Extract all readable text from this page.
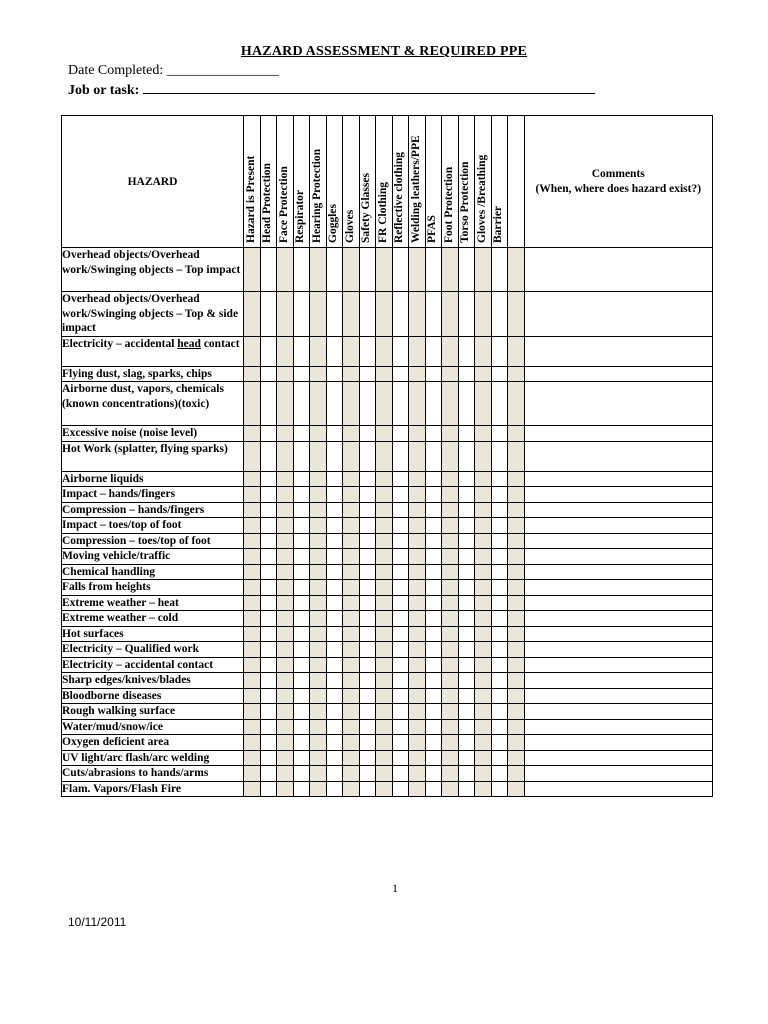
HAZARD ASSESSMENT & REQUIRED PPE
Date Completed: ________________
Job or task:
HAZARD	Hazard is Present	Head Protection	Face Protection	Respirator	Hearing Protection	Goggles	Gloves	Safety Glasses	FR Clothing	Reflective clothing	Welding leathers/PPE	PFAS	Foot Protection	Torso Protection	Gloves /Breathing	Barrier		Comments
(When, where does hazard exist?)

Overhead objects/Overhead work/Swinging objects – Top impact																		
Overhead objects/Overhead work/Swinging objects – Top & side impact																		
Electricity – accidental head contact																		
Flying dust, slag, sparks, chips																		
Airborne dust, vapors, chemicals (known concentrations)(toxic)																		
Excessive noise (noise level)																		
Hot Work (splatter, flying sparks)																		
Airborne liquids																		
Impact – hands/fingers																		
Compression – hands/fingers																		
Impact – toes/top of foot																		
Compression – toes/top of foot																		
Moving vehicle/traffic																		
Chemical handling																		
Falls from heights																		
Extreme weather – heat																		
Extreme weather – cold																		
Hot surfaces																		
Electricity – Qualified work																		
Electricity – accidental contact																		
Sharp edges/knives/blades																		
Bloodborne diseases																		
Rough walking surface																		
Water/mud/snow/ice																		
Oxygen deficient area																		
UV light/arc flash/arc welding																		
Cuts/abrasions to hands/arms																		
Flam. Vapors/Flash Fire																		
1
10/11/2011
